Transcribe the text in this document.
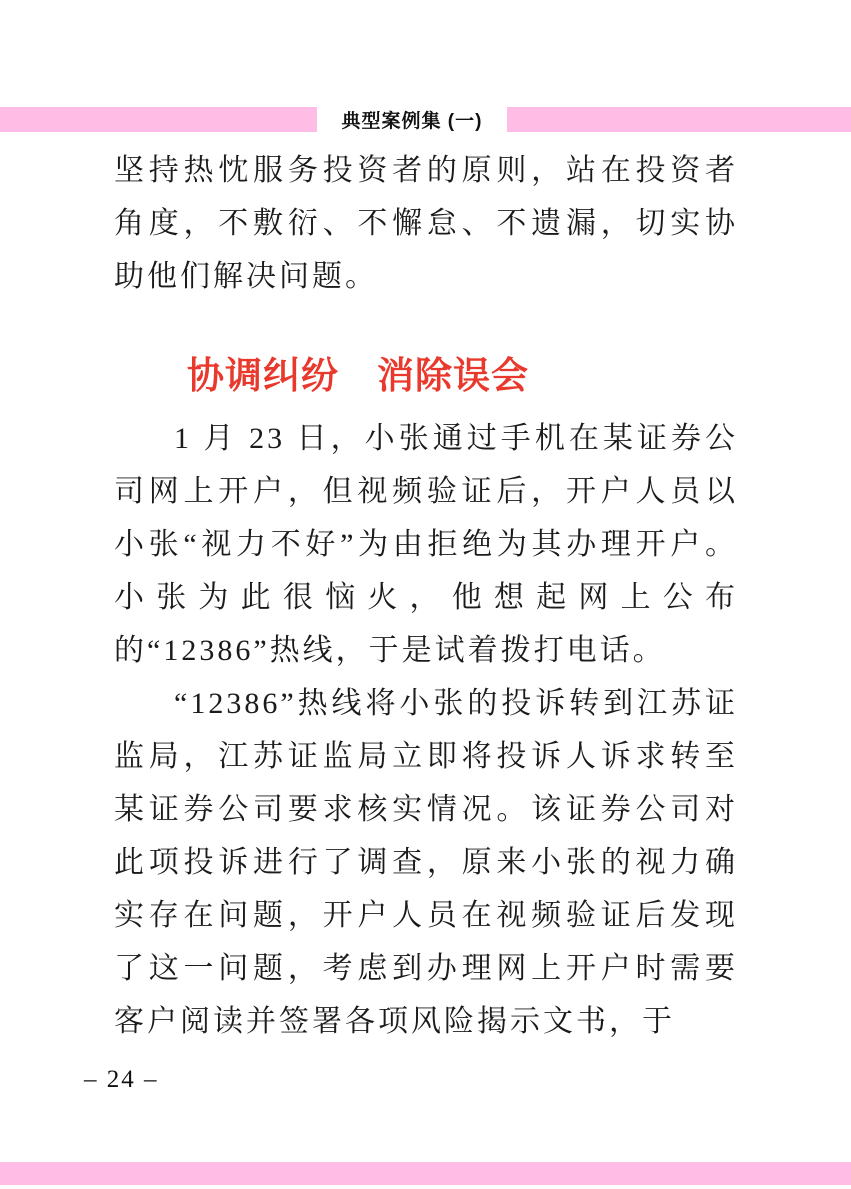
典型案例集 (一)

坚持热忱服务投资者的原则，站在投资者角度，不敷衍、不懈怠、不遗漏，切实协助他们解决问题。

协调纠纷　消除误会

1 月 23 日，小张通过手机在某证券公司网上开户，但视频验证后，开户人员以小张“视力不好”为由拒绝为其办理开户。小张为此很恼火，他想起网上公布的“12386”热线，于是试着拨打电话。

“12386”热线将小张的投诉转到江苏证监局，江苏证监局立即将投诉人诉求转至某证券公司要求核实情况。该证券公司对此项投诉进行了调查，原来小张的视力确实存在问题，开户人员在视频验证后发现了这一问题，考虑到办理网上开户时需要客户阅读并签署各项风险揭示文书，于

– 24 –
